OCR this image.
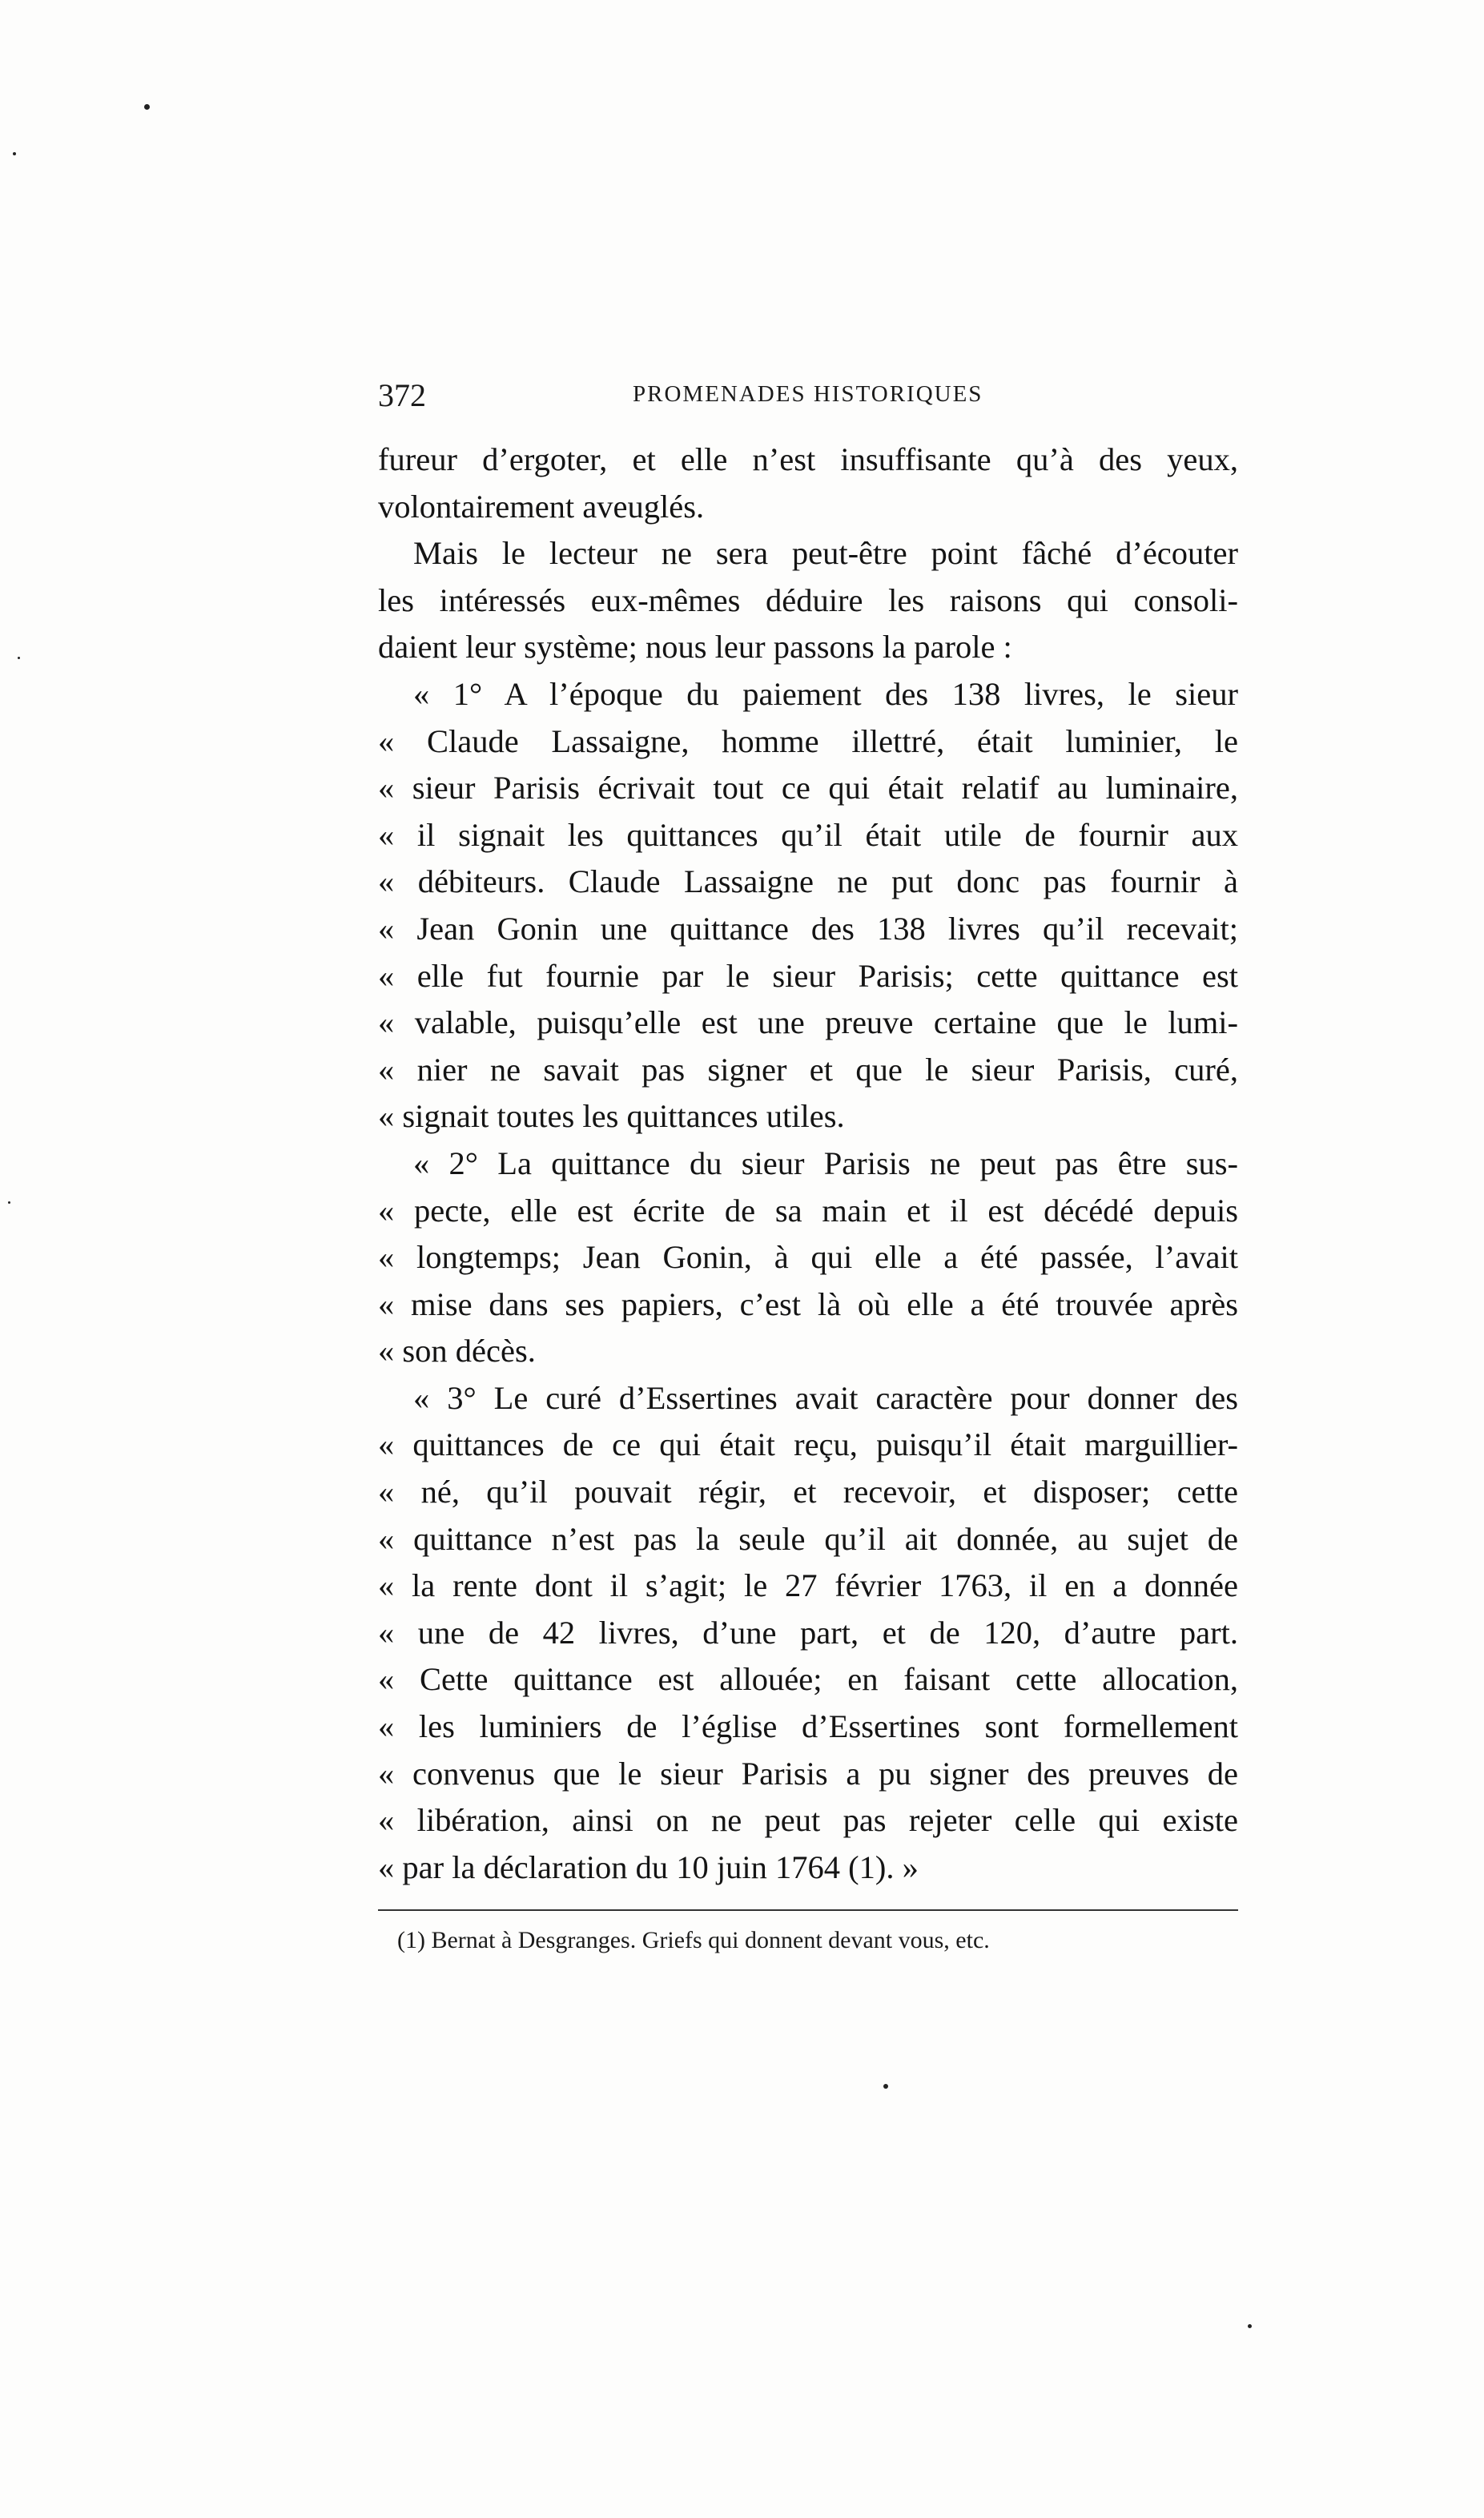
372	PROMENADES HISTORIQUES
fureur d’ergoter, et elle n’est insuffisante qu’à des yeux,
volontairement aveuglés.
Mais le lecteur ne sera peut-être point fâché d’écouter
les intéressés eux-mêmes déduire les raisons qui consoli-
daient leur système; nous leur passons la parole :
« 1° A l’époque du paiement des 138 livres, le sieur
« Claude Lassaigne, homme illettré, était luminier, le
« sieur Parisis écrivait tout ce qui était relatif au luminaire,
« il signait les quittances qu’il était utile de fournir aux
« débiteurs. Claude Lassaigne ne put donc pas fournir à
« Jean Gonin une quittance des 138 livres qu’il recevait;
« elle fut fournie par le sieur Parisis; cette quittance est
« valable, puisqu’elle est une preuve certaine que le lumi-
« nier ne savait pas signer et que le sieur Parisis, curé,
« signait toutes les quittances utiles.
« 2° La quittance du sieur Parisis ne peut pas être sus-
« pecte, elle est écrite de sa main et il est décédé depuis
« longtemps; Jean Gonin, à qui elle a été passée, l’avait
« mise dans ses papiers, c’est là où elle a été trouvée après
« son décès.
« 3° Le curé d’Essertines avait caractère pour donner des
« quittances de ce qui était reçu, puisqu’il était marguillier-
« né, qu’il pouvait régir, et recevoir, et disposer; cette
« quittance n’est pas la seule qu’il ait donnée, au sujet de
« la rente dont il s’agit; le 27 février 1763, il en a donnée
« une de 42 livres, d’une part, et de 120, d’autre part.
« Cette quittance est allouée; en faisant cette allocation,
« les luminiers de l’église d’Essertines sont formellement
« convenus que le sieur Parisis a pu signer des preuves de
« libération, ainsi on ne peut pas rejeter celle qui existe
« par la déclaration du 10 juin 1764 (1). »
(1) Bernat à Desgranges. Griefs qui donnent devant vous, etc.
